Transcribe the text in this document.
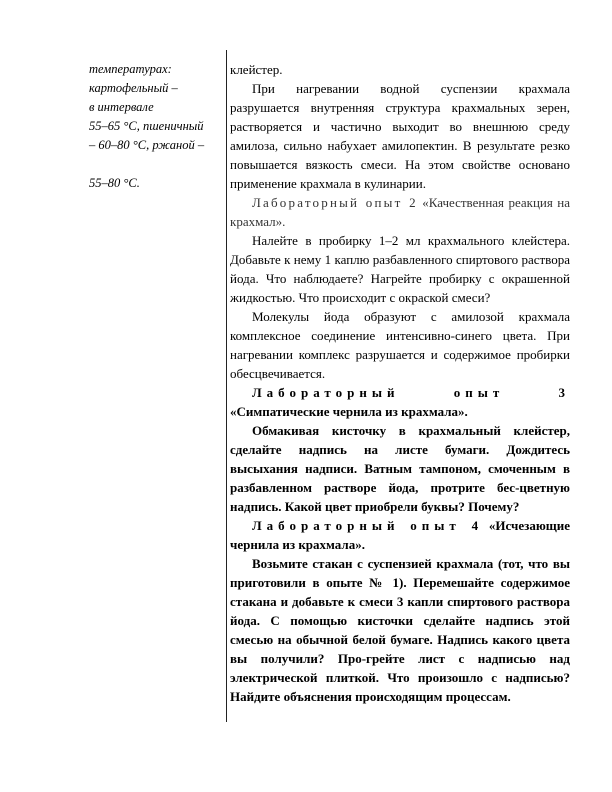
температурах:
картофельный –
в интервале
55–65 °C, пшеничный
– 60–80 °C, ржаной –
55–80 °C.

клейстер.

При нагревании водной суспензии крахмала разрушается внутренняя структура крахмальных зерен, растворяется и частично выходит во внешнюю среду амилоза, сильно набухает амилопектин. В результате резко повышается вязкость смеси. На этом свойстве основано применение крахмала в кулинарии.

Лабораторный опыт 2 «Качественная реакция на крахмал».

Налейте в пробирку 1–2 мл крахмального клейстера. Добавьте к нему 1 каплю разбавленного спиртового раствора йода. Что наблюдаете? Нагрейте пробирку с окрашенной жидкостью. Что происходит с окраской смеси?

Молекулы йода образуют с амилозой крахмала комплексное соединение интенсивно-синего цвета. При нагревании комплекс разрушается и содержимое пробирки обесцвечивается.

Лабораторный опыт 3 «Симпатические чернила из крахмала».

Обмакивая кисточку в крахмальный клейстер, сделайте надпись на листе бумаги. Дождитесь высыхания надписи. Ватным тампоном, смоченным в разбавленном растворе йода, протрите бес-цветную надпись. Какой цвет приобрели буквы? Почему?

Лабораторный опыт 4 «Исчезающие чернила из крахмала».

Возьмите стакан с суспензией крахмала (тот, что вы приготовили в опыте № 1). Перемешайте содержимое стакана и добавьте к смеси 3 капли спиртового раствора йода. С помощью кисточки сделайте надпись этой смесью на обычной белой бумаге. Надпись какого цвета вы получили? Про-грейте лист с надписью над электрической плиткой. Что произошло с надписью? Найдите объяснения происходящим процессам.
